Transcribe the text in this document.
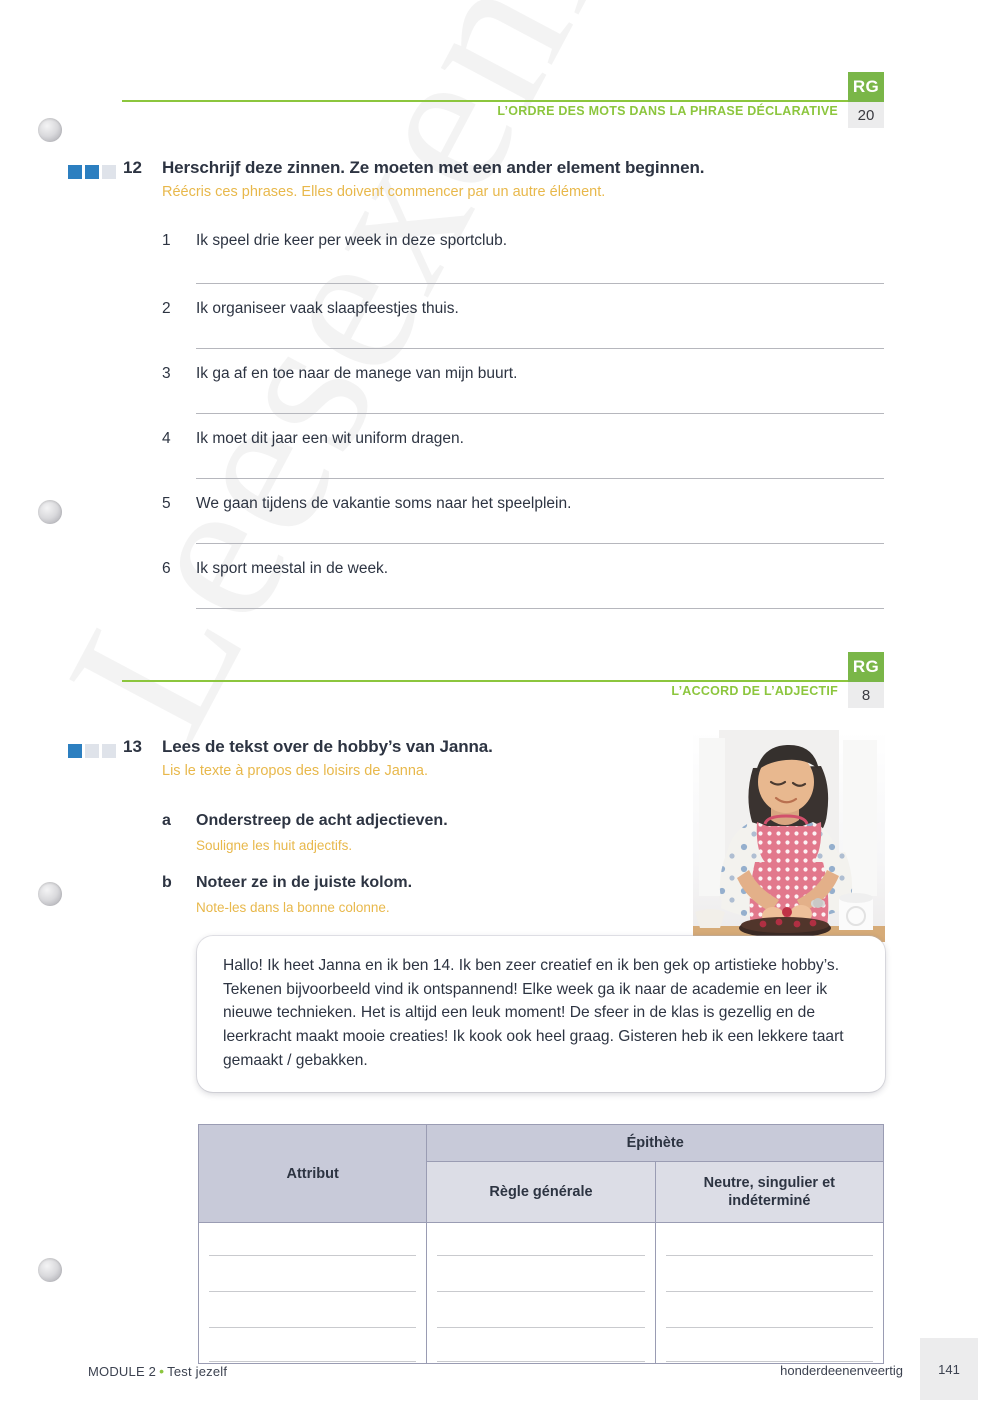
RG
20
L’ORDRE DES MOTS DANS LA PHRASE DÉCLARATIVE
12 Herschrijf deze zinnen. Ze moeten met een ander element beginnen.
Réécris ces phrases. Elles doivent commencer par un autre élément.
1 Ik speel drie keer per week in deze sportclub.
2 Ik organiseer vaak slaapfeestjes thuis.
3 Ik ga af en toe naar de manege van mijn buurt.
4 Ik moet dit jaar een wit uniform dragen.
5 We gaan tijdens de vakantie soms naar het speelplein.
6 Ik sport meestal in de week.
RG
8
L’ACCORD DE L’ADJECTIF
13 Lees de tekst over de hobby’s van Janna.
Lis le texte à propos des loisirs de Janna.
a Onderstreep de acht adjectieven.
Souligne les huit adjectifs.
b Noteer ze in de juiste kolom.
Note-les dans la bonne colonne.

Hallo! Ik heet Janna en ik ben 14. Ik ben zeer creatief en ik ben gek op artistieke hobby’s. Tekenen bijvoorbeeld vind ik ontspannend! Elke week ga ik naar de academie en leer ik nieuwe technieken. Het is altijd een leuk moment! De sfeer in de klas is gezellig en de leerkracht maakt mooie creaties! Ik kook ook heel graag. Gisteren heb ik een lekkere taart gemaakt / gebakken.

Attribut	Épithète	
	Règle générale	Neutre, singulier et indéterminé

MODULE 2 • Test jezelf	honderdeenenveertig	141
